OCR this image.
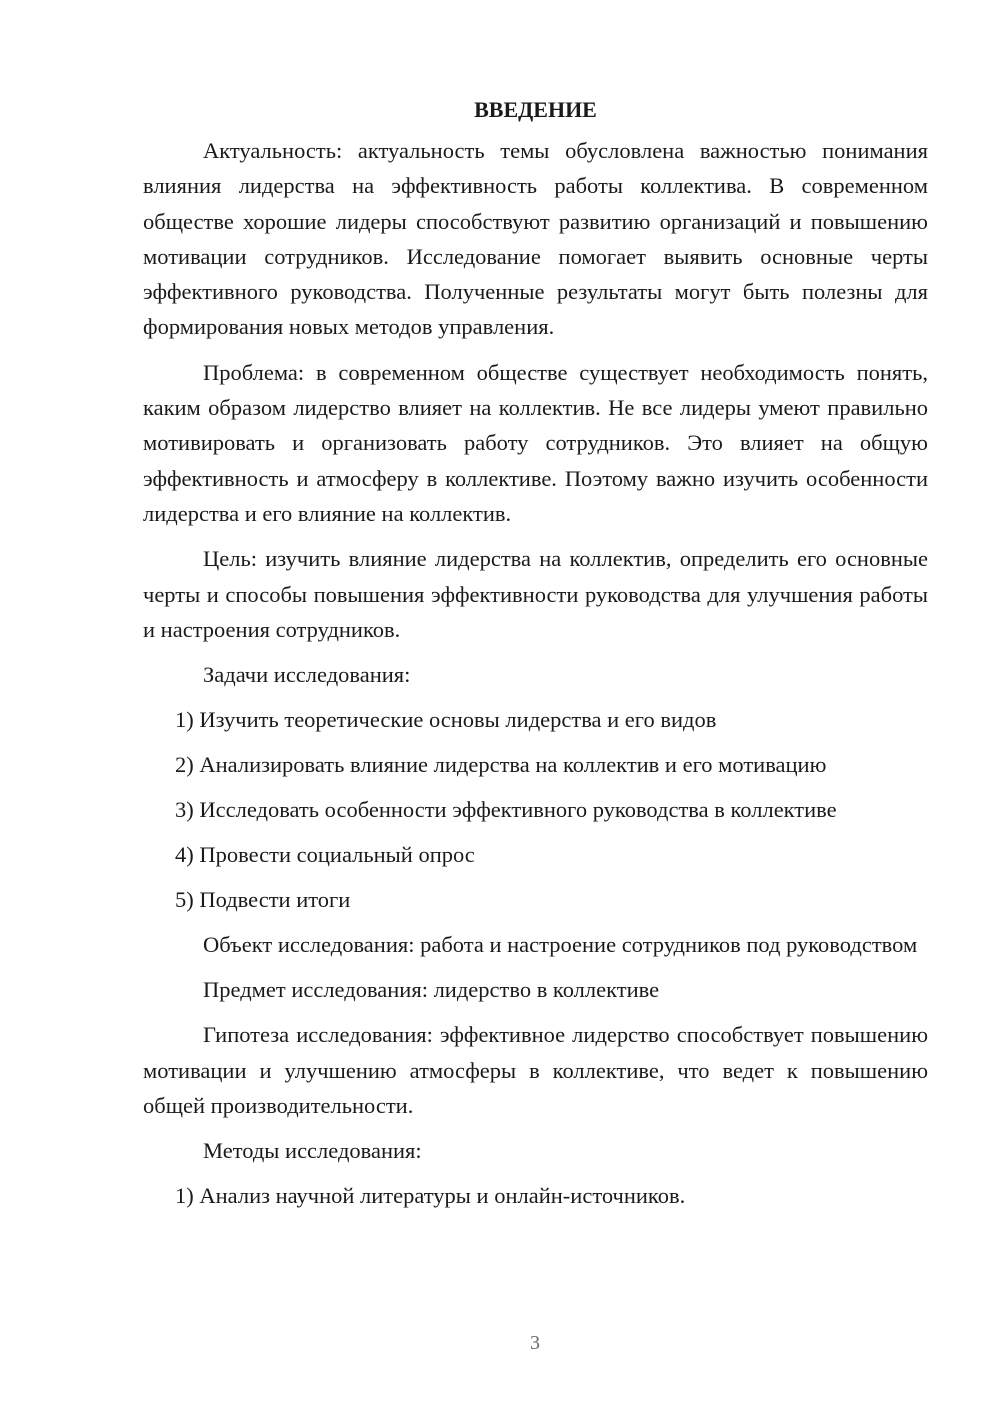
ВВЕДЕНИЕ

Актуальность: актуальность темы обусловлена важностью понимания влияния лидерства на эффективность работы коллектива. В современном обществе хорошие лидеры способствуют развитию организаций и повышению мотивации сотрудников. Исследование помогает выявить основные черты эффективного руководства. Полученные результаты могут быть полезны для формирования новых методов управления.

Проблема: в современном обществе существует необходимость понять, каким образом лидерство влияет на коллектив. Не все лидеры умеют правильно мотивировать и организовать работу сотрудников. Это влияет на общую эффективность и атмосферу в коллективе. Поэтому важно изучить особенности лидерства и его влияние на коллектив.

Цель: изучить влияние лидерства на коллектив, определить его основные черты и способы повышения эффективности руководства для улучшения работы и настроения сотрудников.

Задачи исследования:
1) Изучить теоретические основы лидерства и его видов
2) Анализировать влияние лидерства на коллектив и его мотивацию
3) Исследовать особенности эффективного руководства в коллективе
4) Провести социальный опрос
5) Подвести итоги

Объект исследования: работа и настроение сотрудников под руководством

Предмет исследования: лидерство в коллективе

Гипотеза исследования: эффективное лидерство способствует повышению мотивации и улучшению атмосферы в коллективе, что ведет к повышению общей производительности.

Методы исследования:
1) Анализ научной литературы и онлайн-источников.
3
